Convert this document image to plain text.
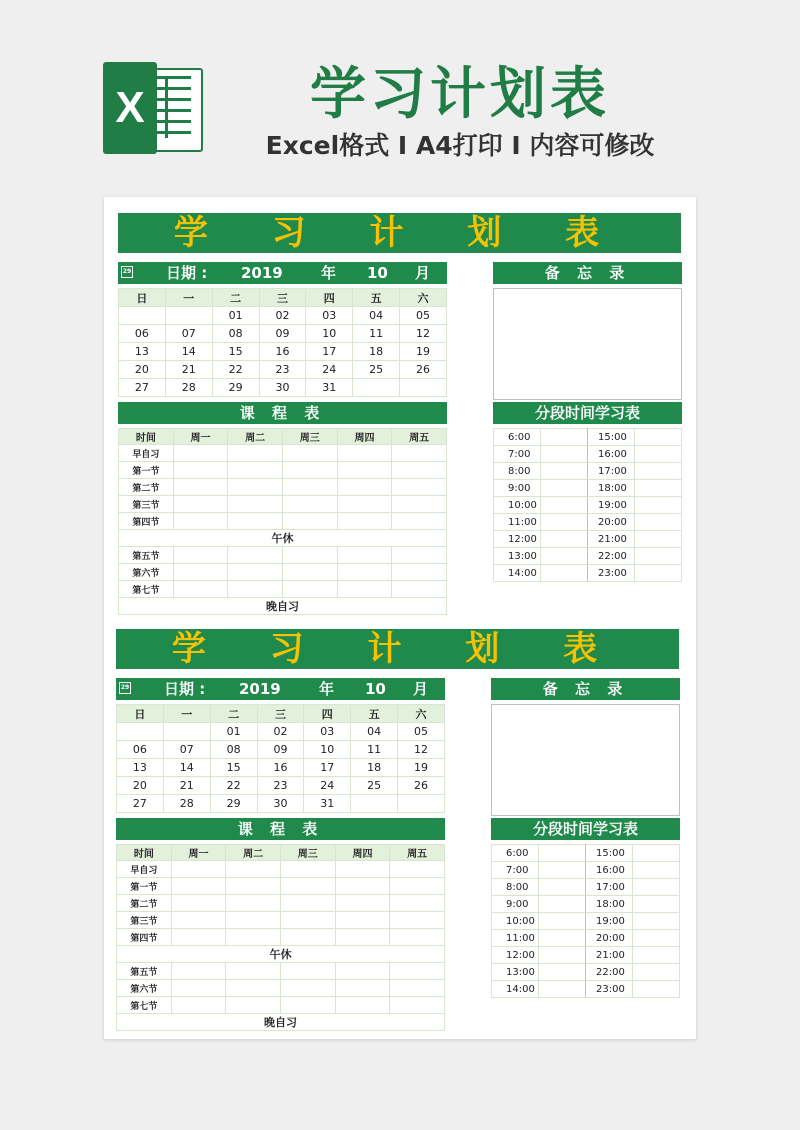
X	学习计划表
Excel格式 I A4打印 I 内容可修改
学 习 计 划 表
29 日期 : 2019	年 10 月
日	一	二	三	四	五	六
		01	02	03	04	05
06	07	08	09	10	11	12
13	14	15	16	17	18	19
20	21	22	23	24	25	26
27	28	29	30	31		
课 程 表
时间	周一	周二	周三	周四	周五
早自习					
第一节					
第二节					
第三节					
第四节					
午休					
第五节					
第六节					
第七节					
晚自习					
备 忘 录
分段时间学习表
6:00		15:00	
7:00		16:00	
8:00		17:00	
9:00		18:00	
10:00		19:00	
11:00		20:00	
12:00		21:00	
13:00		22:00	
14:00		23:00	
学 习 计 划 表
29 日期 : 2019	年 10 月
日	一	二	三	四	五	六
		01	02	03	04	05
06	07	08	09	10	11	12
13	14	15	16	17	18	19
20	21	22	23	24	25	26
27	28	29	30	31		
课 程 表
时间	周一	周二	周三	周四	周五
早自习					
第一节					
第二节					
第三节					
第四节					
午休					
第五节					
第六节					
第七节					
晚自习					
备 忘 录
分段时间学习表
6:00		15:00	
7:00		16:00	
8:00		17:00	
9:00		18:00	
10:00		19:00	
11:00		20:00	
12:00		21:00	
13:00		22:00	
14:00		23:00	
